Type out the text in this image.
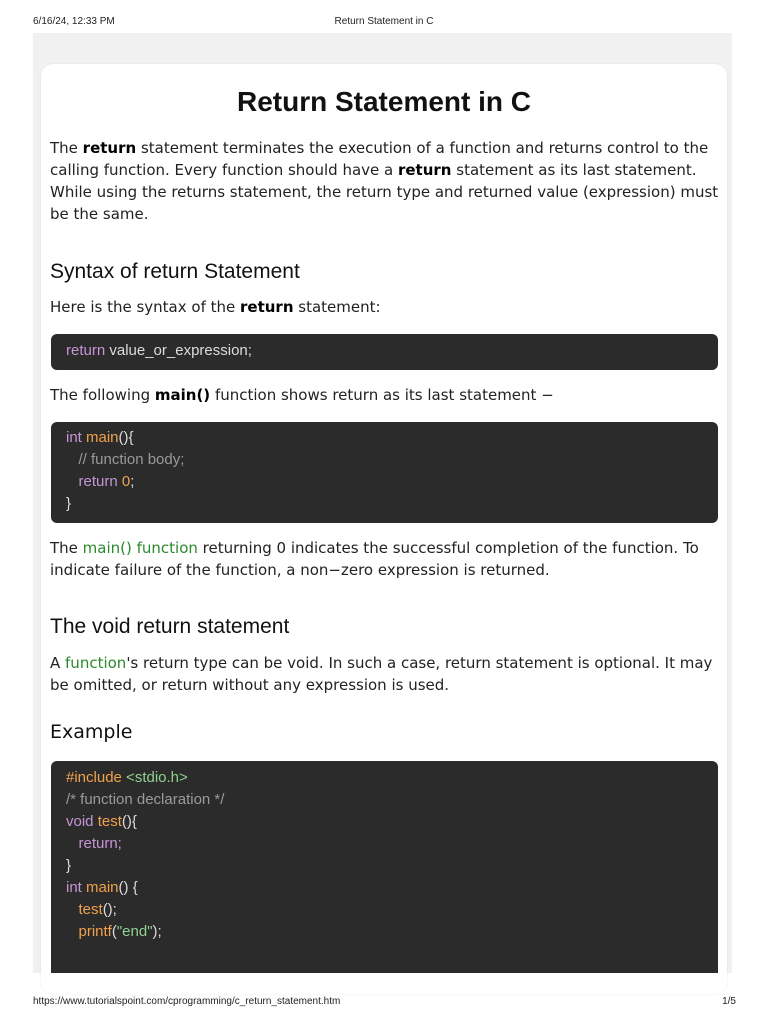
6/16/24, 12:33 PM	Return Statement in C
Return Statement in C

The return statement terminates the execution of a function and returns control to the calling function. Every function should have a return statement as its last statement. While using the returns statement, the return type and returned value (expression) must be the same.

Syntax of return Statement

Here is the syntax of the return statement:

return value_or_expression;

The following main() function shows return as its last statement −

int main(){
// function body;
return 0;
}

The main() function returning 0 indicates the successful completion of the function. To indicate failure of the function, a non−zero expression is returned.

The void return statement

A function's return type can be void. In such a case, return statement is optional. It may be omitted, or return without any expression is used.

Example
#include <stdio.h>
/* function declaration */
void test(){
return;
}
int main() {
test();
printf("end");
https://www.tutorialspoint.com/cprogramming/c_return_statement.htm	1/5
